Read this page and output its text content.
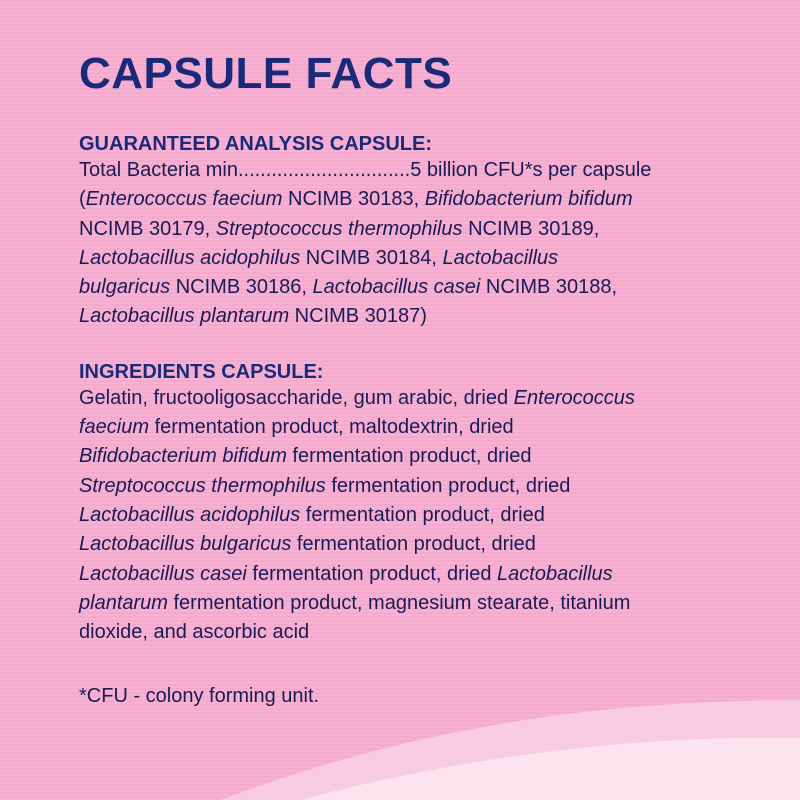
CAPSULE FACTS
GUARANTEED ANALYSIS CAPSULE:
Total Bacteria min...............................5 billion CFU*s per capsule
(Enterococcus faecium NCIMB 30183, Bifidobacterium bifidum
NCIMB 30179, Streptococcus thermophilus NCIMB 30189,
Lactobacillus acidophilus NCIMB 30184, Lactobacillus
bulgaricus NCIMB 30186, Lactobacillus casei NCIMB 30188,
Lactobacillus plantarum NCIMB 30187)
INGREDIENTS CAPSULE:
Gelatin, fructooligosaccharide, gum arabic, dried Enterococcus
faecium fermentation product, maltodextrin, dried
Bifidobacterium bifidum fermentation product, dried
Streptococcus thermophilus fermentation product, dried
Lactobacillus acidophilus fermentation product, dried
Lactobacillus bulgaricus fermentation product, dried
Lactobacillus casei fermentation product, dried Lactobacillus
plantarum fermentation product, magnesium stearate, titanium
dioxide, and ascorbic acid
*CFU - colony forming unit.
